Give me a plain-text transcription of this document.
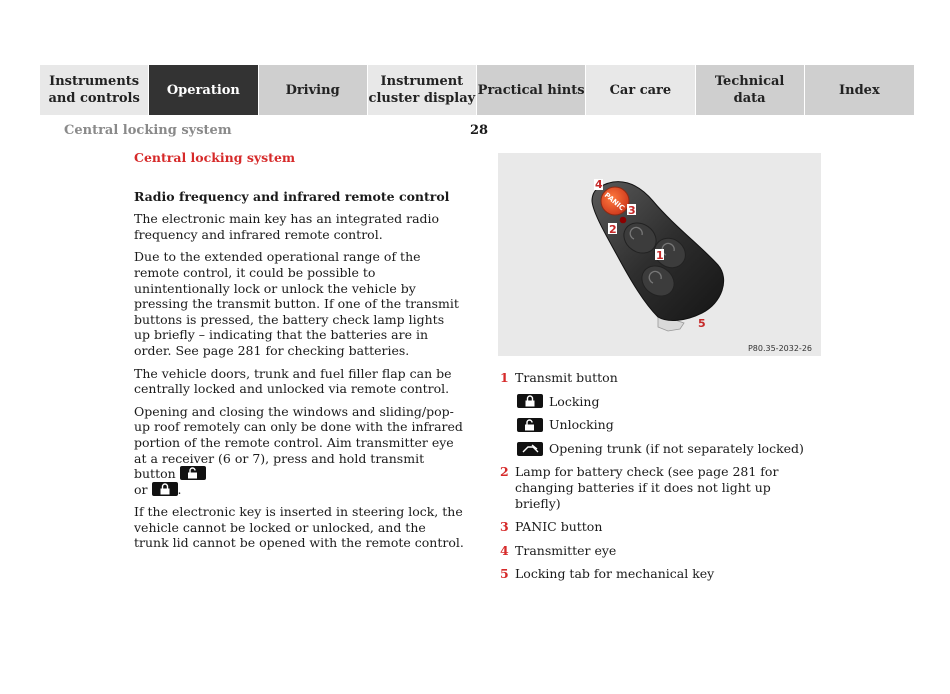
Instruments
and controls
Operation	Driving
Instrument
cluster display
Practical hints Car care
Technical
data
Index
Central locking system	28

Central locking system

Radio frequency and infrared remote control

The electronic main key has an integrated radio frequency and infrared remote control.

Due to the extended operational range of the remote control, it could be possible to unintentionally lock or unlock the vehicle by pressing the transmit button. If one of the transmit buttons is pressed, the battery check lamp lights up briefly – indicating that the batteries are in order. See page 281 for checking batteries.

The vehicle doors, trunk and fuel filler flap can be centrally locked and unlocked via remote control.

Opening and closing the windows and sliding/pop-up roof remotely can only be done with the infrared portion of the remote control. Aim transmitter eye at a receiver (6 or 7), press and hold transmit button

or .

If the electronic key is inserted in steering lock, the vehicle cannot be locked or unlocked, and the trunk lid cannot be opened with the remote control.

PANIC
4
3
2
1
5
P80.35-2032-26
1 Transmit button
Locking
Unlocking
Opening trunk (if not separately locked)
2 Lamp for battery check (see page 281 for changing batteries if it does not light up briefly)
3 PANIC button
4 Transmitter eye
5 Locking tab for mechanical key
